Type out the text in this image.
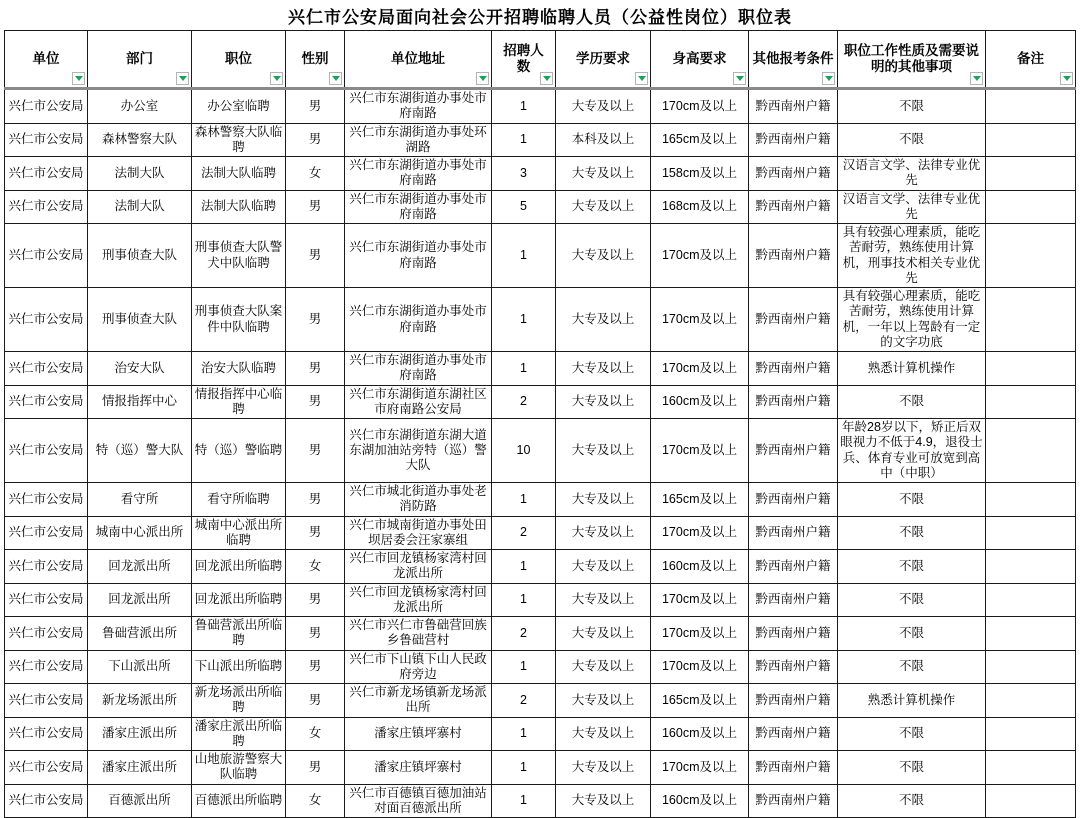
兴仁市公安局面向社会公开招聘临聘人员（公益性岗位）职位表
单位	部门	职位	性别	单位地址	招聘人数	学历要求	身高要求	其他报考条件	职位工作性质及需要说明的其他事项	备注

兴仁市公安局	办公室	办公室临聘	男	兴仁市东湖街道办事处市府南路	1	大专及以上	170cm及以上	黔西南州户籍	不限	
兴仁市公安局	森林警察大队	森林警察大队临聘	男	兴仁市东湖街道办事处环湖路	1	本科及以上	165cm及以上	黔西南州户籍	不限	
兴仁市公安局	法制大队	法制大队临聘	女	兴仁市东湖街道办事处市府南路	3	大专及以上	158cm及以上	黔西南州户籍	汉语言文学、法律专业优先	
兴仁市公安局	法制大队	法制大队临聘	男	兴仁市东湖街道办事处市府南路	5	大专及以上	168cm及以上	黔西南州户籍	汉语言文学、法律专业优先	
兴仁市公安局	刑事侦查大队	刑事侦查大队警犬中队临聘	男	兴仁市东湖街道办事处市府南路	1	大专及以上	170cm及以上	黔西南州户籍	具有较强心理素质，能吃苦耐劳，熟练使用计算机，刑事技术相关专业优先	
兴仁市公安局	刑事侦查大队	刑事侦查大队案件中队临聘	男	兴仁市东湖街道办事处市府南路	1	大专及以上	170cm及以上	黔西南州户籍	具有较强心理素质，能吃苦耐劳，熟练使用计算机，一年以上驾龄有一定的文字功底	
兴仁市公安局	治安大队	治安大队临聘	男	兴仁市东湖街道办事处市府南路	1	大专及以上	170cm及以上	黔西南州户籍	熟悉计算机操作	
兴仁市公安局	情报指挥中心	情报指挥中心临聘	男	兴仁市东湖街道东湖社区市府南路公安局	2	大专及以上	160cm及以上	黔西南州户籍	不限	
兴仁市公安局	特（巡）警大队	特（巡）警临聘	男	兴仁市东湖街道东湖大道东湖加油站旁特（巡）警大队	10	大专及以上	170cm及以上	黔西南州户籍	年龄28岁以下，矫正后双眼视力不低于4.9，退役士兵、体育专业可放宽到高中（中职）	
兴仁市公安局	看守所	看守所临聘	男	兴仁市城北街道办事处老消防路	1	大专及以上	165cm及以上	黔西南州户籍	不限	
兴仁市公安局	城南中心派出所	城南中心派出所临聘	男	兴仁市城南街道办事处田坝居委会汪家寨组	2	大专及以上	170cm及以上	黔西南州户籍	不限	
兴仁市公安局	回龙派出所	回龙派出所临聘	女	兴仁市回龙镇杨家湾村回龙派出所	1	大专及以上	160cm及以上	黔西南州户籍	不限	
兴仁市公安局	回龙派出所	回龙派出所临聘	男	兴仁市回龙镇杨家湾村回龙派出所	1	大专及以上	170cm及以上	黔西南州户籍	不限	
兴仁市公安局	鲁础营派出所	鲁础营派出所临聘	男	兴仁市兴仁市鲁础营回族乡鲁础营村	2	大专及以上	170cm及以上	黔西南州户籍	不限	
兴仁市公安局	下山派出所	下山派出所临聘	男	兴仁市下山镇下山人民政府旁边	1	大专及以上	170cm及以上	黔西南州户籍	不限	
兴仁市公安局	新龙场派出所	新龙场派出所临聘	男	兴仁市新龙场镇新龙场派出所	2	大专及以上	165cm及以上	黔西南州户籍	熟悉计算机操作	
兴仁市公安局	潘家庄派出所	潘家庄派出所临聘	女	潘家庄镇坪寨村	1	大专及以上	160cm及以上	黔西南州户籍	不限	
兴仁市公安局	潘家庄派出所	山地旅游警察大队临聘	男	潘家庄镇坪寨村	1	大专及以上	170cm及以上	黔西南州户籍	不限	
兴仁市公安局	百德派出所	百德派出所临聘	女	兴仁市百德镇百德加油站对面百德派出所	1	大专及以上	160cm及以上	黔西南州户籍	不限	
